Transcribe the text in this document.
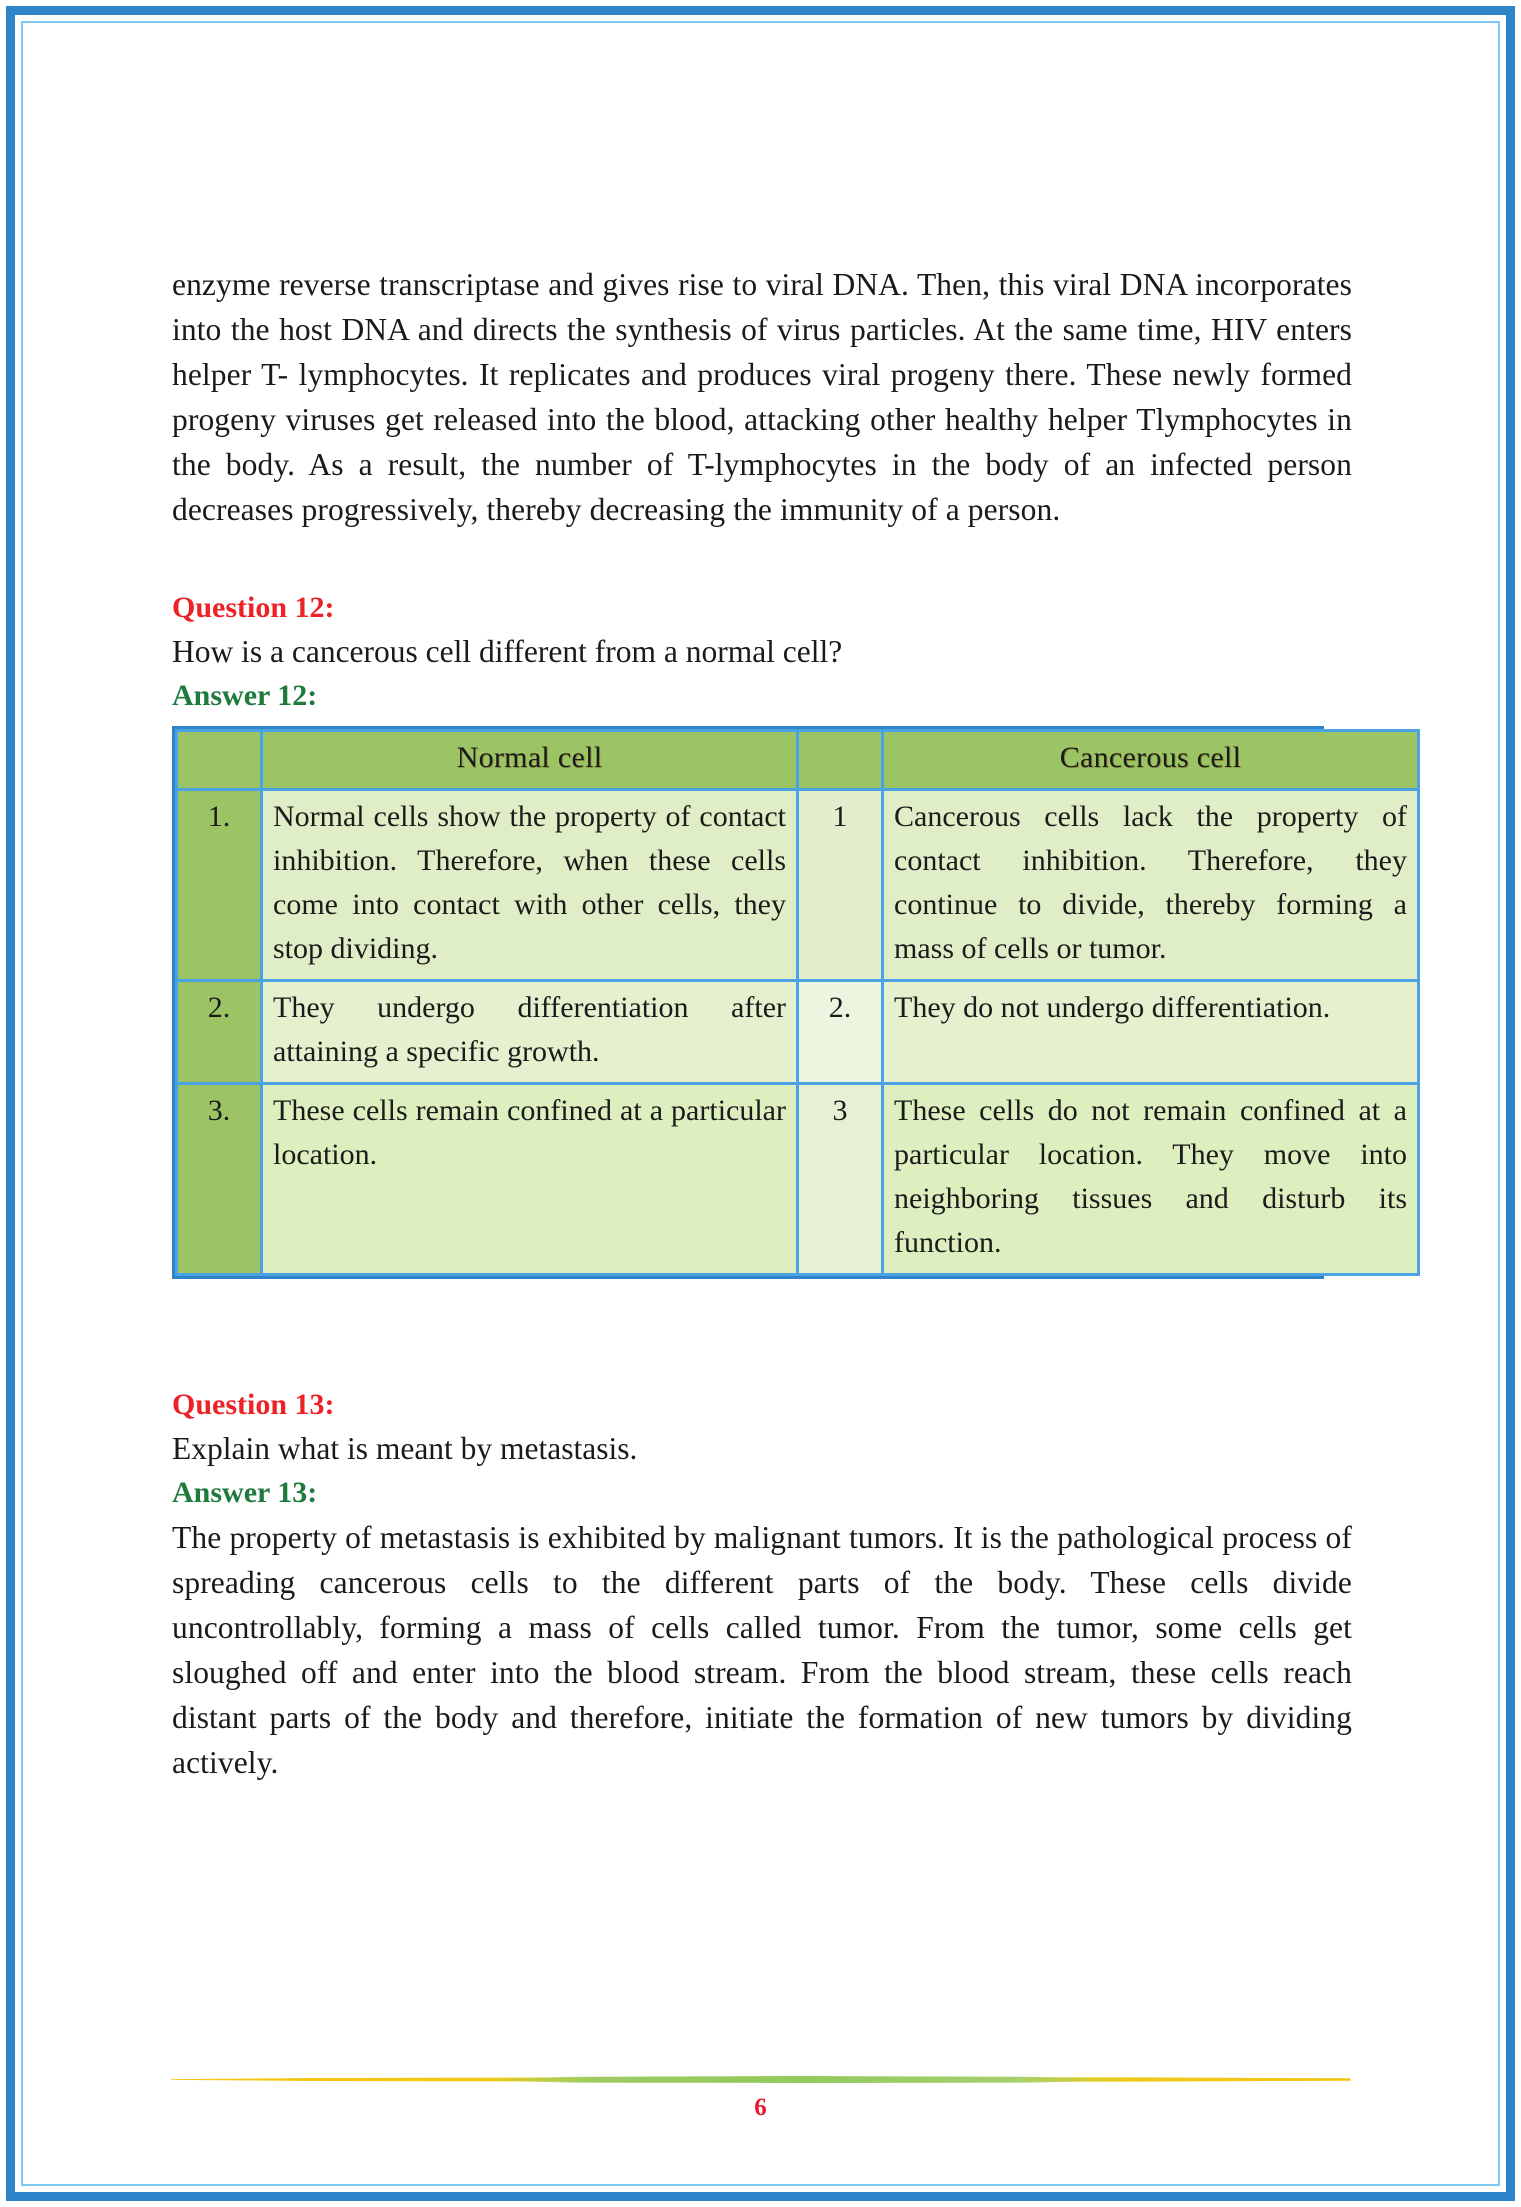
enzyme reverse transcriptase and gives rise to viral DNA. Then, this viral DNA incorporates into the host DNA and directs the synthesis of virus particles. At the same time, HIV enters helper T- lymphocytes. It replicates and produces viral progeny there. These newly formed progeny viruses get released into the blood, attacking other healthy helper Tlymphocytes in the body. As a result, the number of T-lymphocytes in the body of an infected person decreases progressively, thereby decreasing the immunity of a person.

Question 12:
How is a cancerous cell different from a normal cell?
Answer 12:
	Normal cell		Cancerous cell
1.	Normal cells show the property of contact inhibition. Therefore, when these cells come into contact with other cells, they stop dividing.	1	Cancerous cells lack the property of contact inhibition. Therefore, they continue to divide, thereby forming a mass of cells or tumor.
2.	They undergo differentiation after attaining a specific growth.	2.	They do not undergo differentiation.
3.	These cells remain confined at a particular location.	3	These cells do not remain confined at a particular location. They move into neighboring tissues and disturb its function.
Question 13:
Explain what is meant by metastasis.
Answer 13:

The property of metastasis is exhibited by malignant tumors. It is the pathological process of spreading cancerous cells to the different parts of the body. These cells divide uncontrollably, forming a mass of cells called tumor. From the tumor, some cells get sloughed off and enter into the blood stream. From the blood stream, these cells reach distant parts of the body and therefore, initiate the formation of new tumors by dividing actively.

6
